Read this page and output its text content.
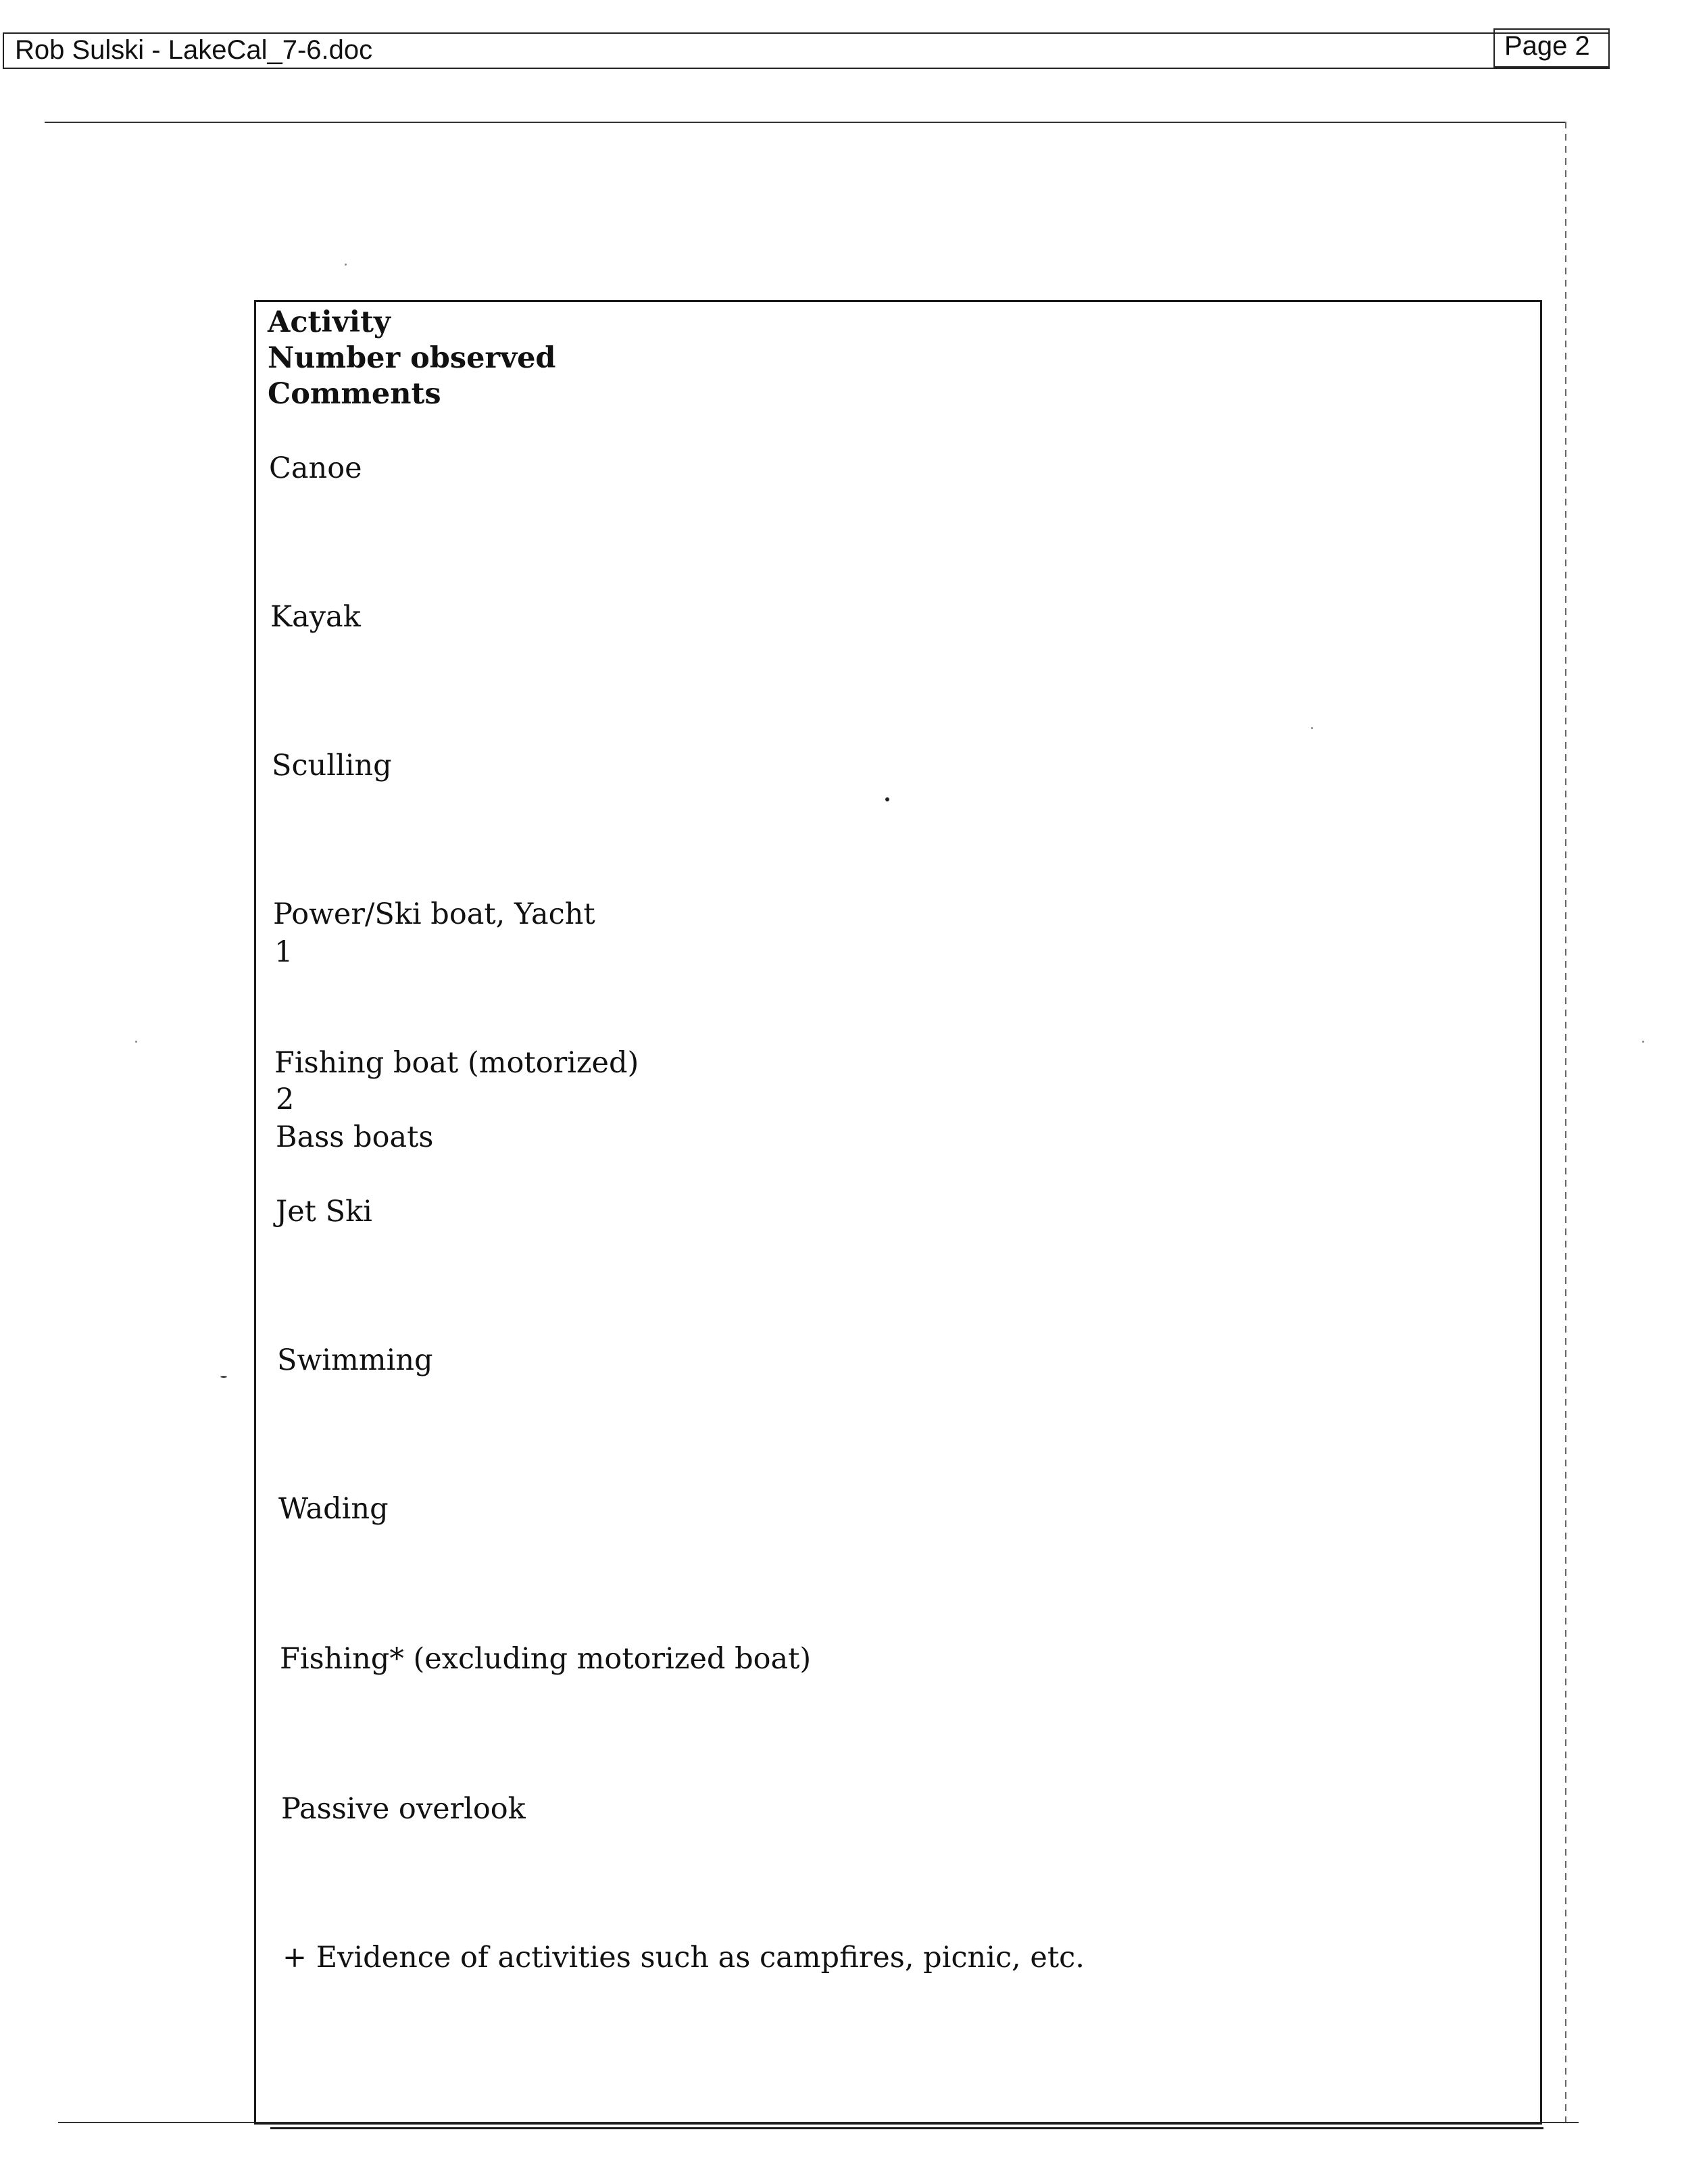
Rob Sulski - LakeCal_7-6.doc	Page 2
Activity
Number observed
Comments
Canoe
Kayak
Sculling
Power/Ski boat, Yacht
1
Fishing boat (motorized)
2
Bass boats
Jet Ski
Swimming
Wading
Fishing* (excluding motorized boat)
Passive overlook
+ Evidence of activities such as campfires, picnic, etc.
